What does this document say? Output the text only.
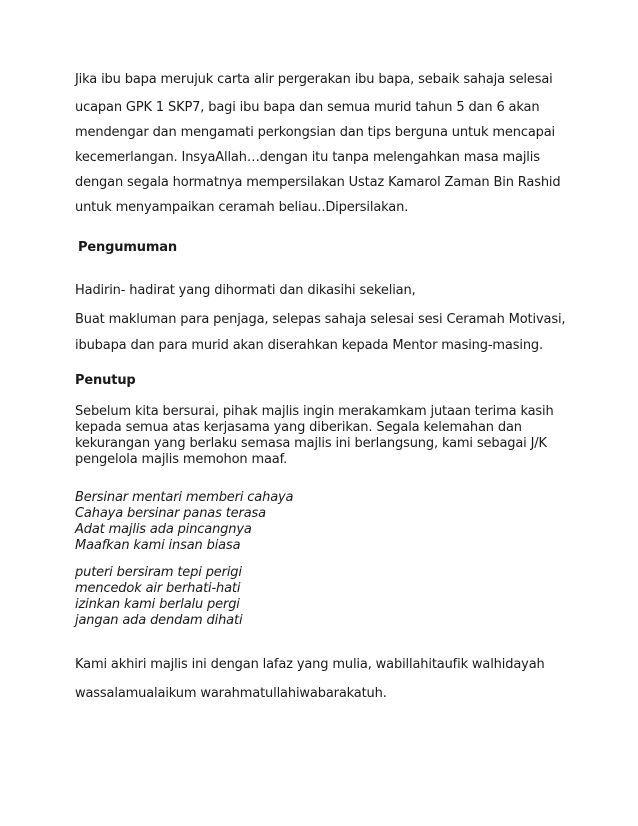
Jika ibu bapa merujuk carta alir pergerakan ibu bapa, sebaik sahaja selesai
ucapan GPK 1 SKP7, bagi ibu bapa dan semua murid tahun 5 dan 6 akan
mendengar dan mengamati perkongsian dan tips berguna untuk mencapai
kecemerlangan. InsyaAllah…dengan itu tanpa melengahkan masa majlis
dengan segala hormatnya mempersilakan Ustaz Kamarol Zaman Bin Rashid
untuk menyampaikan ceramah beliau..Dipersilakan.
Pengumuman
Hadirin- hadirat yang dihormati dan dikasihi sekelian,
Buat makluman para penjaga, selepas sahaja selesai sesi Ceramah Motivasi,
ibubapa dan para murid akan diserahkan kepada Mentor masing-masing.
Penutup
Sebelum kita bersurai, pihak majlis ingin merakamkam jutaan terima kasih
kepada semua atas kerjasama yang diberikan. Segala kelemahan dan
kekurangan yang berlaku semasa majlis ini berlangsung, kami sebagai J/K
pengelola majlis memohon maaf.
Bersinar mentari memberi cahaya
Cahaya bersinar panas terasa
Adat majlis ada pincangnya
Maafkan kami insan biasa
puteri bersiram tepi perigi
mencedok air berhati-hati
izinkan kami berlalu pergi
jangan ada dendam dihati
Kami akhiri majlis ini dengan lafaz yang mulia, wabillahitaufik walhidayah
wassalamualaikum warahmatullahiwabarakatuh.
